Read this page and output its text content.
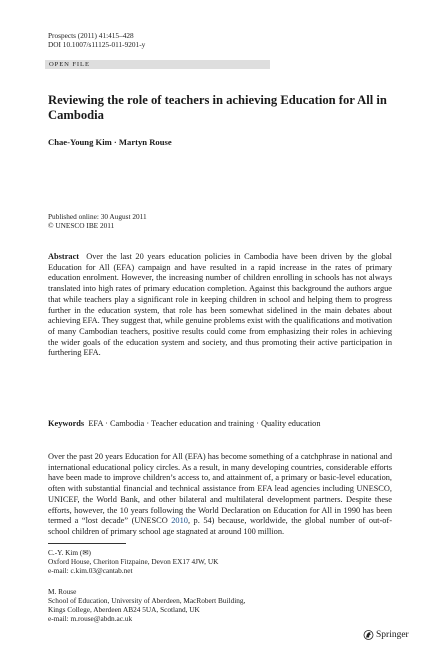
Prospects (2011) 41:415–428
DOI 10.1007/s11125-011-9201-y
OPEN FILE
Reviewing the role of teachers in achieving Education for All in Cambodia
Chae-Young Kim · Martyn Rouse
Published online: 30 August 2011
© UNESCO IBE 2011

Abstract Over the last 20 years education policies in Cambodia have been driven by the global Education for All (EFA) campaign and have resulted in a rapid increase in the rates of primary education enrolment. However, the increasing number of children enrolling in schools has not always translated into high rates of primary education completion. Against this background the authors argue that while teachers play a significant role in keeping children in school and helping them to progress further in the education system, that role has been somewhat sidelined in the main debates about achieving EFA. They suggest that, while genuine problems exist with the qualifications and motivation of many Cambodian teachers, positive results could come from emphasizing their roles in achieving the wider goals of the education system and society, and thus promoting their active participation in furthering EFA.

Keywords EFA · Cambodia · Teacher education and training · Quality education

Over the past 20 years Education for All (EFA) has become something of a catchphrase in national and international educational policy circles. As a result, in many developing countries, considerable efforts have been made to improve children’s access to, and attainment of, a primary or basic-level education, often with substantial financial and technical assistance from EFA lead agencies including UNESCO, UNICEF, the World Bank, and other bilateral and multilateral development partners. Despite these efforts, however, the 10 years following the World Declaration on Education for All in 1990 has been termed a “lost decade” (UNESCO 2010, p. 54) because, worldwide, the global number of out-of-school children of primary school age stagnated at around 100 million.

C.-Y. Kim (✉)
Oxford House, Cheriton Fitzpaine, Devon EX17 4JW, UK
e-mail: c.kim.03@cantab.net
M. Rouse
School of Education, University of Aberdeen, MacRobert Building,
Kings College, Aberdeen AB24 5UA, Scotland, UK
e-mail: m.rouse@abdn.ac.uk
Springer
